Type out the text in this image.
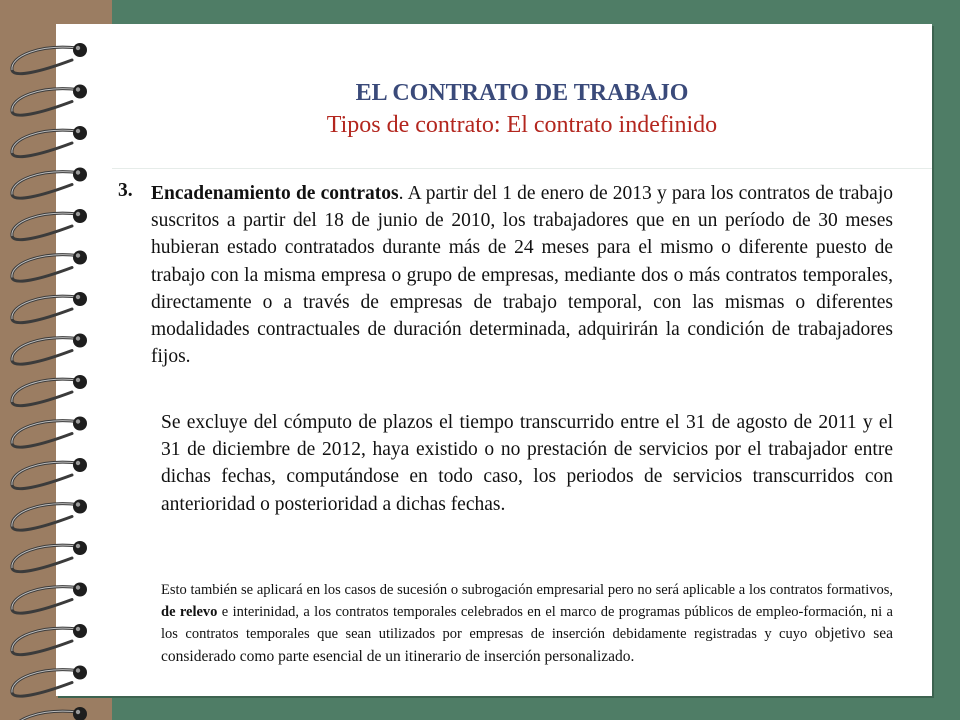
EL CONTRATO DE TRABAJO
Tipos de contrato: El contrato indefinido
3. Encadenamiento de contratos. A partir del 1 de enero de 2013 y para los contratos de trabajo suscritos a partir del 18 de junio de 2010, los trabajadores que en un período de 30 meses hubieran estado contratados durante más de 24 meses para el mismo o diferente puesto de trabajo con la misma empresa o grupo de empresas, mediante dos o más contratos temporales, directamente o a través de empresas de trabajo temporal, con las mismas o diferentes modalidades contractuales de duración determinada, adquirirán la condición de trabajadores fijos.
Se excluye del cómputo de plazos el tiempo transcurrido entre el 31 de agosto de 2011 y el 31 de diciembre de 2012, haya existido o no prestación de servicios por el trabajador entre dichas fechas, computándose en todo caso, los periodos de servicios transcurridos con anterioridad o posterioridad a dichas fechas.
Esto también se aplicará en los casos de sucesión o subrogación empresarial pero no será aplicable a los contratos formativos, de relevo e interinidad, a los contratos temporales celebrados en el marco de programas públicos de empleo-formación, ni a los contratos temporales que sean utilizados por empresas de inserción debidamente registradas y cuyo objetivo sea considerado como parte esencial de un itinerario de inserción personalizado.
